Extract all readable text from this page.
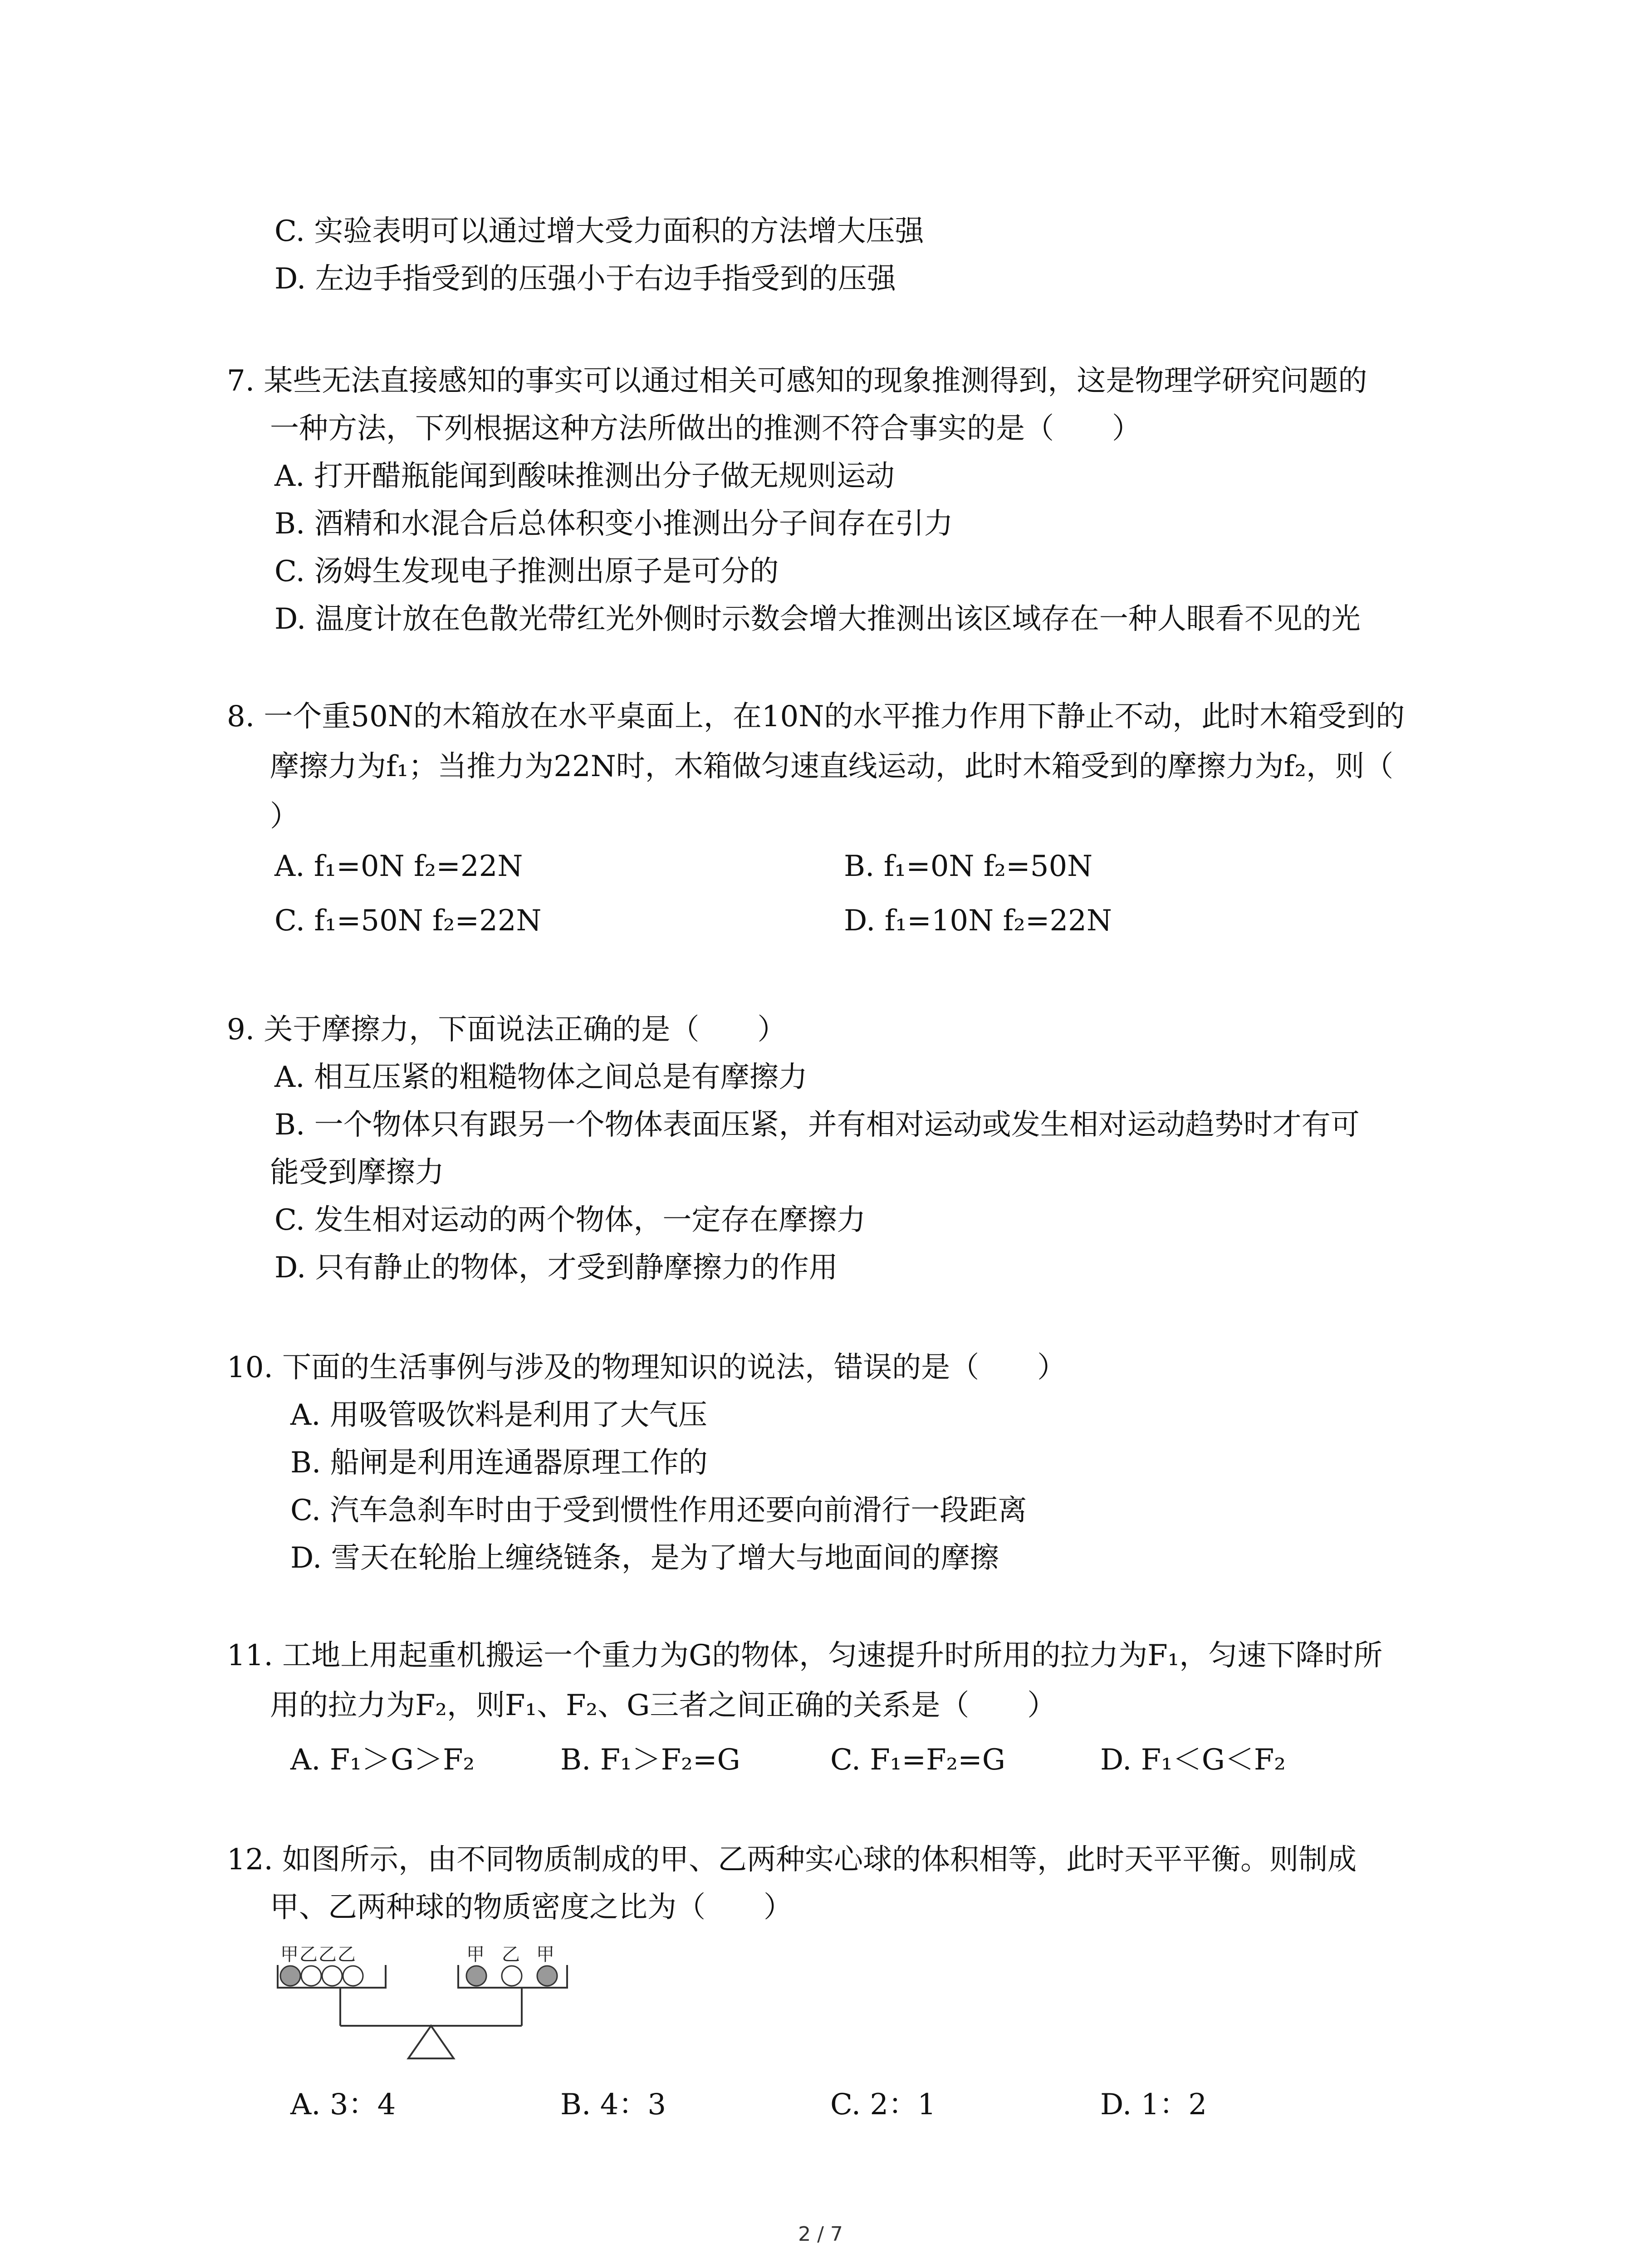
C. 实验表明可以通过增大受力面积的方法增大压强
D. 左边手指受到的压强小于右边手指受到的压强
7. 某些无法直接感知的事实可以通过相关可感知的现象推测得到，这是物理学研究问题的
一种方法，下列根据这种方法所做出的推测不符合事实的是（　　）
A. 打开醋瓶能闻到酸味推测出分子做无规则运动
B. 酒精和水混合后总体积变小推测出分子间存在引力
C. 汤姆生发现电子推测出原子是可分的
D. 温度计放在色散光带红光外侧时示数会增大推测出该区域存在一种人眼看不见的光
8. 一个重50N的木箱放在水平桌面上，在10N的水平推力作用下静止不动，此时木箱受到的
摩擦力为f₁；当推力为22N时，木箱做匀速直线运动，此时木箱受到的摩擦力为f₂，则（
）
A. f₁=0N f₂=22N	B. f₁=0N f₂=50N
C. f₁=50N f₂=22N	D. f₁=10N f₂=22N
9. 关于摩擦力，下面说法正确的是（　　）
A. 相互压紧的粗糙物体之间总是有摩擦力
B. 一个物体只有跟另一个物体表面压紧，并有相对运动或发生相对运动趋势时才有可
能受到摩擦力
C. 发生相对运动的两个物体，一定存在摩擦力
D. 只有静止的物体，才受到静摩擦力的作用
10. 下面的生活事例与涉及的物理知识的说法，错误的是（　　）
A. 用吸管吸饮料是利用了大气压
B. 船闸是利用连通器原理工作的
C. 汽车急刹车时由于受到惯性作用还要向前滑行一段距离
D. 雪天在轮胎上缠绕链条，是为了增大与地面间的摩擦
11. 工地上用起重机搬运一个重力为G的物体，匀速提升时所用的拉力为F₁，匀速下降时所
用的拉力为F₂，则F₁、F₂、G三者之间正确的关系是（　　）
A. F₁＞G＞F₂	B. F₁＞F₂=G	C. F₁=F₂=G	D. F₁＜G＜F₂
12. 如图所示，由不同物质制成的甲、乙两种实心球的体积相等，此时天平平衡。则制成
甲、乙两种球的物质密度之比为（　　）
甲 乙 乙 乙	甲 乙 甲
A. 3：4	B. 4：3	C. 2：1	D. 1：2
2 / 7
